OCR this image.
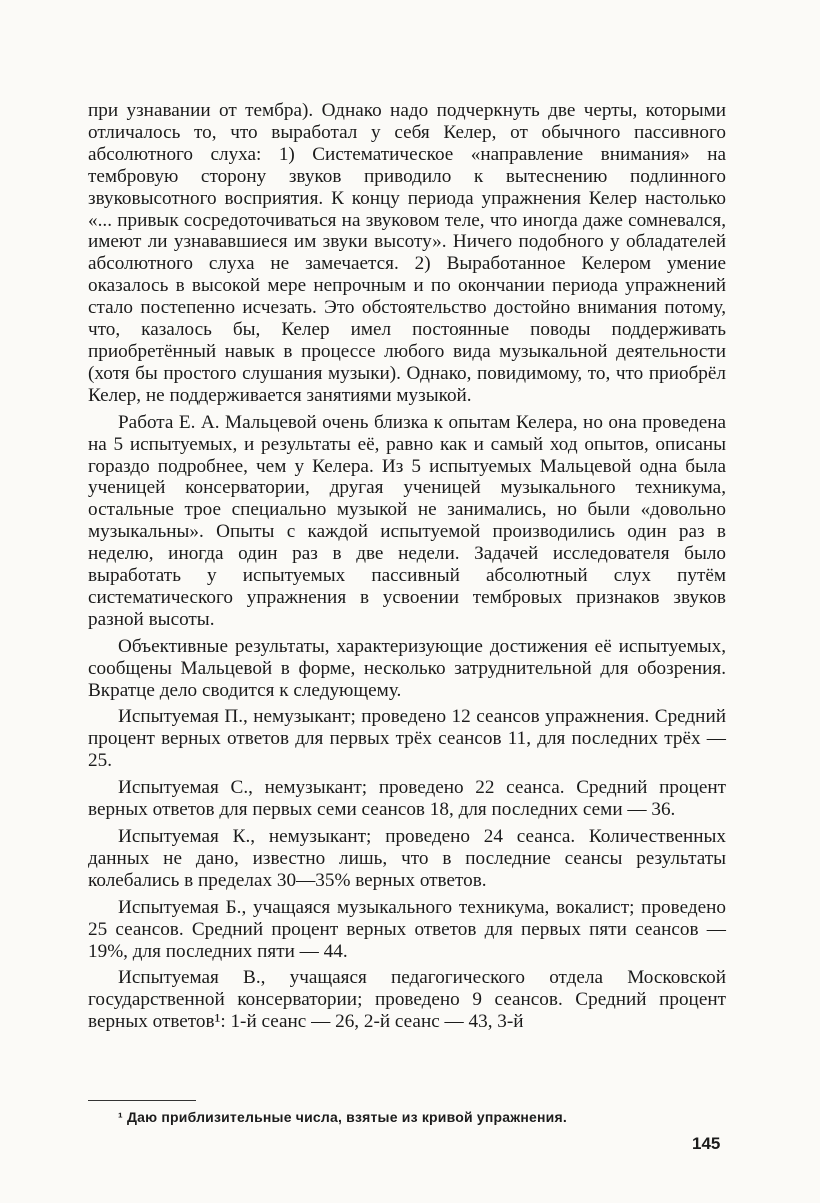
при узнавании от тембра). Однако надо подчеркнуть две черты, которыми отличалось то, что выработал у себя Келер, от обычного пассивного абсолютного слуха: 1) Систематическое «направление внимания» на тембровую сторону звуков приводило к вытеснению подлинного звуковысотного восприятия. К концу периода упражнения Келер настолько «... привык сосредоточиваться на звуковом теле, что иногда даже сомневался, имеют ли узнававшиеся им звуки высоту». Ничего подобного у обладателей абсолютного слуха не замечается. 2) Выработанное Келером умение оказалось в высокой мере непрочным и по окончании периода упражнений стало постепенно исчезать. Это обстоятельство достойно внимания потому, что, казалось бы, Келер имел постоянные поводы поддерживать приобретённый навык в процессе любого вида музыкальной деятельности (хотя бы простого слушания музыки). Однако, повидимому, то, что приобрёл Келер, не поддерживается занятиями музыкой.

Работа Е. А. Мальцевой очень близка к опытам Келера, но она проведена на 5 испытуемых, и результаты её, равно как и самый ход опытов, описаны гораздо подробнее, чем у Келера. Из 5 испытуемых Мальцевой одна была ученицей консерватории, другая ученицей музыкального техникума, остальные трое специально музыкой не занимались, но были «довольно музыкальны». Опыты с каждой испытуемой производились один раз в неделю, иногда один раз в две недели. Задачей исследователя было выработать у испытуемых пассивный абсолютный слух путём систематического упражнения в усвоении тембровых признаков звуков разной высоты.

Объективные результаты, характеризующие достижения её испытуемых, сообщены Мальцевой в форме, несколько затруднительной для обозрения. Вкратце дело сводится к следующему.

Испытуемая П., немузыкант; проведено 12 сеансов упражнения. Средний процент верных ответов для первых трёх сеансов 11, для последних трёх — 25.

Испытуемая С., немузыкант; проведено 22 сеанса. Средний процент верных ответов для первых семи сеансов 18, для последних семи — 36.

Испытуемая К., немузыкант; проведено 24 сеанса. Количественных данных не дано, известно лишь, что в последние сеансы результаты колебались в пределах 30—35% верных ответов.

Испытуемая Б., учащаяся музыкального техникума, вокалист; проведено 25 сеансов. Средний процент верных ответов для первых пяти сеансов — 19%, для последних пяти — 44.

Испытуемая В., учащаяся педагогического отдела Московской государственной консерватории; проведено 9 сеансов. Средний процент верных ответов¹: 1-й сеанс — 26, 2-й сеанс — 43, 3-й

¹ Даю приблизительные числа, взятые из кривой упражнения.
145
